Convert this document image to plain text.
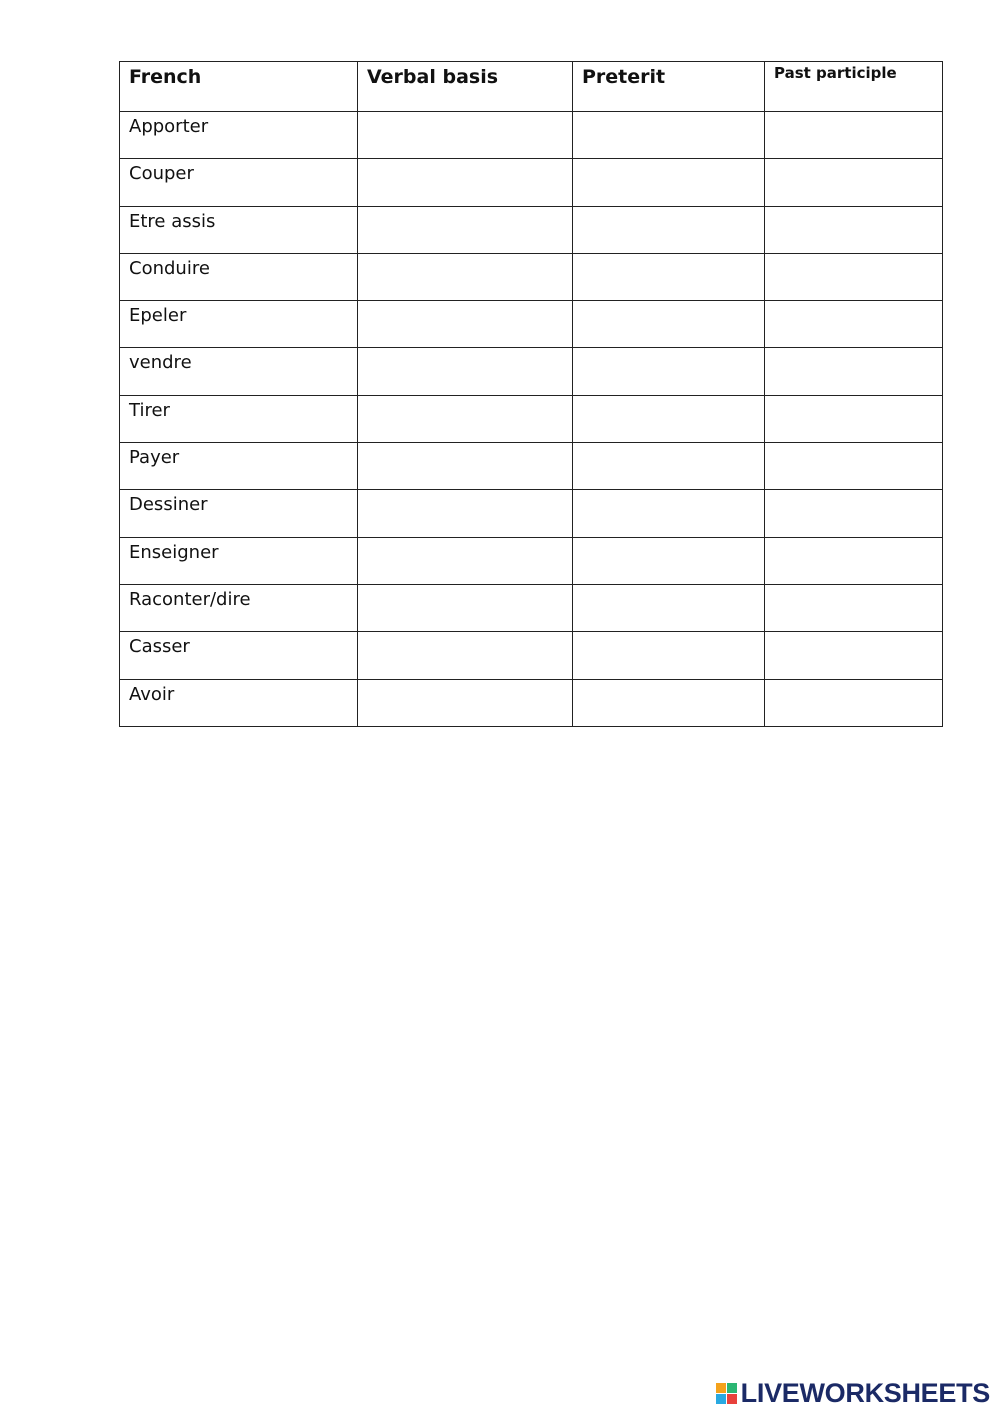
French	Verbal basis	Preterit	Past participle
Apporter			
Couper			
Etre assis			
Conduire			
Epeler			
vendre			
Tirer			
Payer			
Dessiner			
Enseigner			
Raconter/dire			
Casser			
Avoir			
LIVEWORKSHEETS
